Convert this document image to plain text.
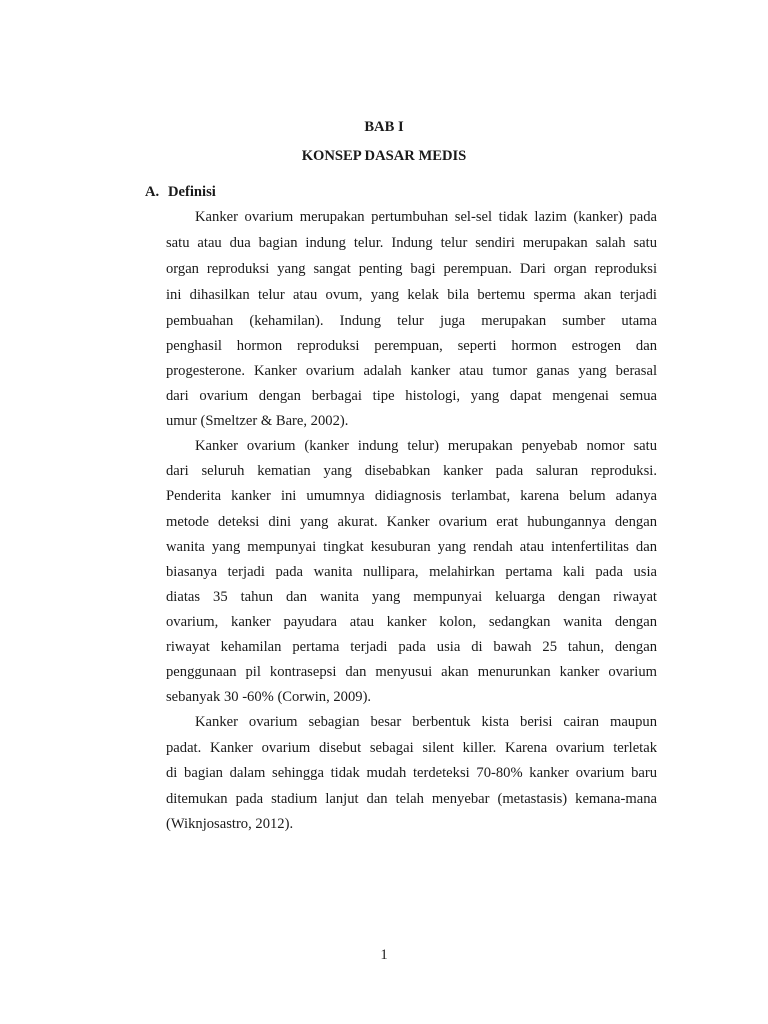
BAB I
KONSEP DASAR MEDIS
A. Definisi
Kanker ovarium merupakan pertumbuhan sel-sel tidak lazim (kanker) pada
satu atau dua bagian indung telur. Indung telur sendiri merupakan salah satu
organ reproduksi yang sangat penting bagi perempuan. Dari organ reproduksi
ini dihasilkan telur atau ovum, yang kelak bila bertemu sperma akan terjadi
pembuahan (kehamilan). Indung telur juga merupakan sumber utama
penghasil hormon reproduksi perempuan, seperti hormon estrogen dan
progesterone. Kanker ovarium adalah kanker atau tumor ganas yang berasal
dari ovarium dengan berbagai tipe histologi, yang dapat mengenai semua
umur (Smeltzer & Bare, 2002).
Kanker ovarium (kanker indung telur) merupakan penyebab nomor satu
dari seluruh kematian yang disebabkan kanker pada saluran reproduksi.
Penderita kanker ini umumnya didiagnosis terlambat, karena belum adanya
metode deteksi dini yang akurat. Kanker ovarium erat hubungannya dengan
wanita yang mempunyai tingkat kesuburan yang rendah atau intenfertilitas dan
biasanya terjadi pada wanita nullipara, melahirkan pertama kali pada usia
diatas 35 tahun dan wanita yang mempunyai keluarga dengan riwayat
ovarium, kanker payudara atau kanker kolon, sedangkan wanita dengan
riwayat kehamilan pertama terjadi pada usia di bawah 25 tahun, dengan
penggunaan pil kontrasepsi dan menyusui akan menurunkan kanker ovarium
sebanyak 30 -60% (Corwin, 2009).
Kanker ovarium sebagian besar berbentuk kista berisi cairan maupun
padat. Kanker ovarium disebut sebagai silent killer. Karena ovarium terletak
di bagian dalam sehingga tidak mudah terdeteksi 70-80% kanker ovarium baru
ditemukan pada stadium lanjut dan telah menyebar (metastasis) kemana-mana
(Wiknjosastro, 2012).
1
